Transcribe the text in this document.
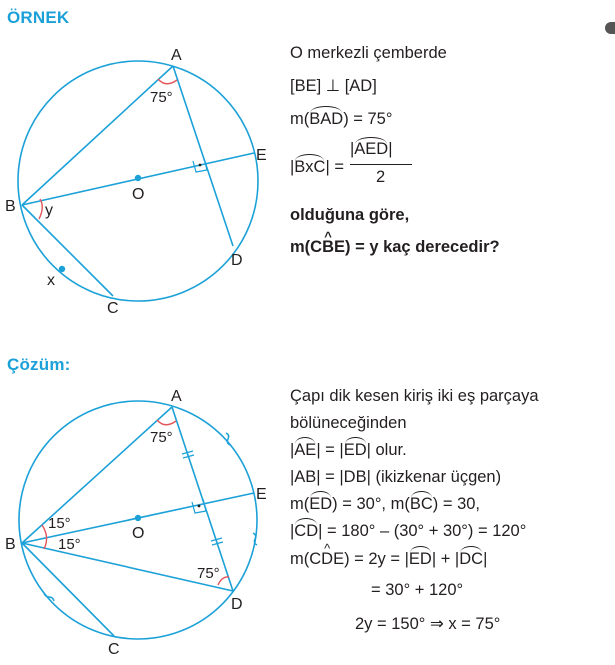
ÖRNEK
A
B
C
D
E
O
x
y
75°
O merkezli çemberde
[BE] ⊥ [AD]
m(BAD) = 75°
|BxC| =
|AED|
2
olduğuna göre,
m(C^ BE) = y kaç derecedir?
Çözüm:
A
B
C
D
E
O
75°
15°
15°
75°
Çapı dik kesen kiriş iki eş parçaya
bölüneceğinden
|AE| = |ED| olur.
|AB| = |DB| (ikizkenar üçgen)
m(ED) = 30°, m(BC) = 30,
|CD| = 180° – (30° + 30°) = 120°
m(C^ DE) = 2y = |ED| + |DC|
= 30° + 120°
2y = 150° ⇒ x = 75°
